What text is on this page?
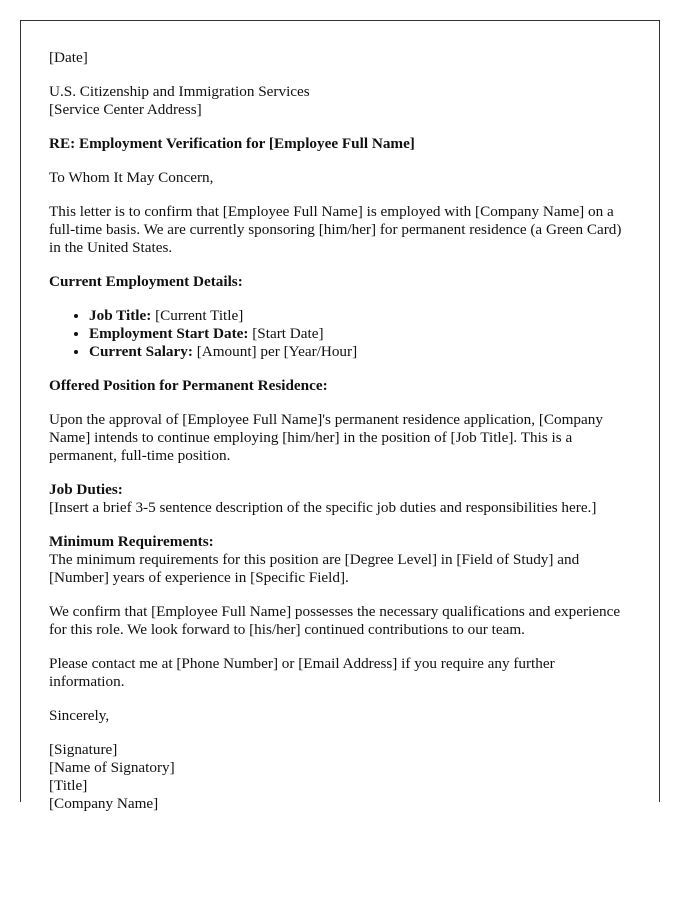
[Date]

U.S. Citizenship and Immigration Services
[Service Center Address]

RE: Employment Verification for [Employee Full Name]

To Whom It May Concern,

This letter is to confirm that [Employee Full Name] is employed with [Company Name] on a full-time basis. We are currently sponsoring [him/her] for permanent residence (a Green Card) in the United States.

Current Employment Details:

• Job Title: [Current Title]
• Employment Start Date: [Start Date]
• Current Salary: [Amount] per [Year/Hour]

Offered Position for Permanent Residence:

Upon the approval of [Employee Full Name]'s permanent residence application, [Company Name] intends to continue employing [him/her] in the position of [Job Title]. This is a permanent, full-time position.

Job Duties:
[Insert a brief 3-5 sentence description of the specific job duties and responsibilities here.]
Minimum Requirements:
The minimum requirements for this position are [Degree Level] in [Field of Study] and [Number] years of experience in [Specific Field].

We confirm that [Employee Full Name] possesses the necessary qualifications and experience for this role. We look forward to [his/her] continued contributions to our team.

Please contact me at [Phone Number] or [Email Address] if you require any further information.

Sincerely,

[Signature]
[Name of Signatory]
[Title]
[Company Name]
